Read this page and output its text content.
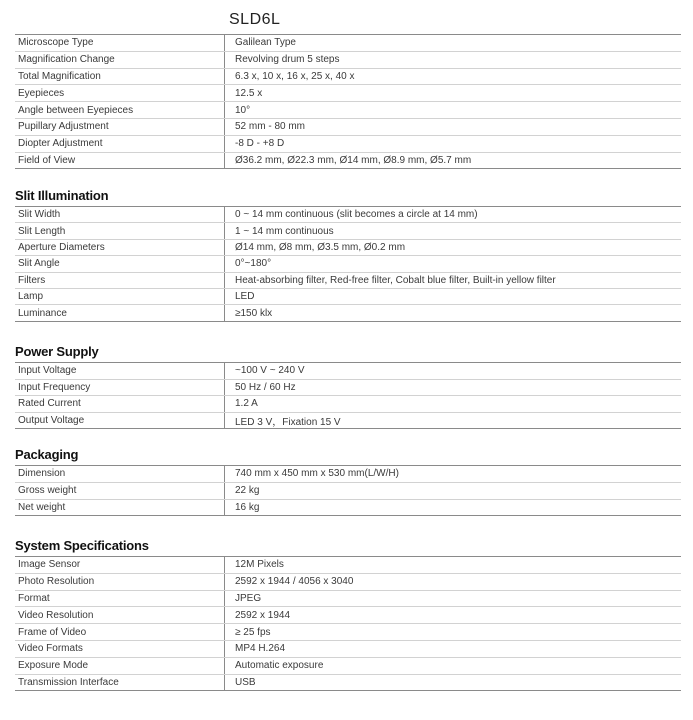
SLD6L
Microscope Type	Galilean Type
Magnification Change	Revolving drum 5 steps
Total Magnification	6.3 x, 10 x, 16 x, 25 x, 40 x
Eyepieces	12.5 x
Angle between Eyepieces	10°
Pupillary Adjustment	52 mm - 80 mm
Diopter Adjustment	-8 D - +8 D
Field of View	Ø36.2 mm, Ø22.3 mm, Ø14 mm, Ø8.9 mm, Ø5.7 mm
Slit Illumination
Slit Width	0 ~ 14 mm continuous (slit becomes a circle at 14 mm)
Slit Length	1 ~ 14 mm continuous
Aperture Diameters	Ø14 mm, Ø8 mm, Ø3.5 mm, Ø0.2 mm
Slit Angle	0°~180°
Filters	Heat-absorbing filter, Red-free filter, Cobalt blue filter, Built-in yellow filter
Lamp	LED
Luminance	≥150 klx
Power Supply
Input Voltage	~100 V ~ 240 V
Input Frequency	50 Hz / 60 Hz
Rated Current	1.2 A
Output Voltage	LED 3 V，Fixation 15 V
Packaging
Dimension	740 mm x 450 mm x 530 mm(L/W/H)
Gross weight	22 kg
Net weight	16 kg
System Specifications
Image Sensor	12M Pixels
Photo Resolution	2592 x 1944 / 4056 x 3040
Format	JPEG
Video Resolution	2592 x 1944
Frame of Video	≥ 25 fps
Video Formats	MP4 H.264
Exposure Mode	Automatic exposure
Transmission Interface	USB
